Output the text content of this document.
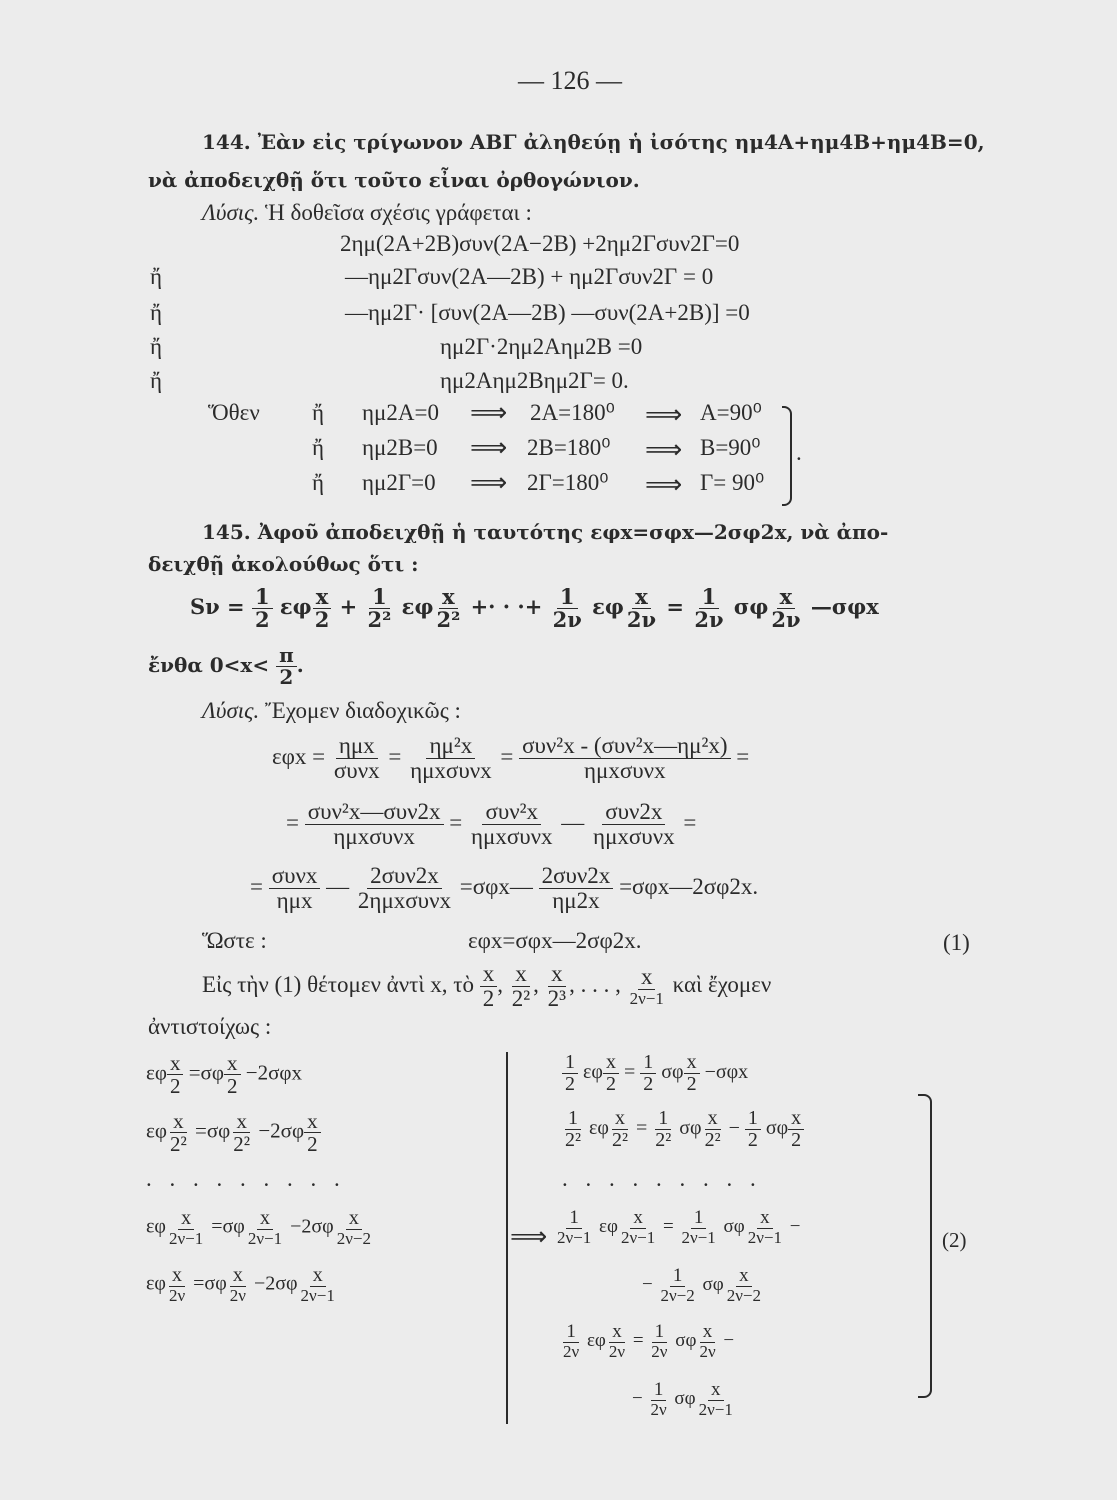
— 126 —
144. Ἐὰν εἰς τρίγωνον ΑΒΓ ἀληθεύῃ ἡ ἰσότης ημ4Α+ημ4Β+ημ4Β=0,
νὰ ἀποδειχθῇ ὅτι τοῦτο εἶναι ὀρθογώνιον.
Λύσις. Ἡ δοθεῖσα σχέσις γράφεται :
2ημ(2Α+2Β)συν(2Α−2Β) +2ημ2Γσυν2Γ=0
ἤ	—ημ2Γσυν(2Α—2Β) + ημ2Γσυν2Γ = 0
ἤ	—ημ2Γ· [συν(2Α—2Β) —συν(2Α+2Β)] =0
ἤ	ημ2Γ·2ημ2Αημ2Β =0
ἤ	ημ2Αημ2Βημ2Γ= 0.
Ὅθεν ἤ ημ2Α=0 ⟹ 2Α=180⁰ ⟹ Α=90⁰
ἤ ημ2Β=0 ⟹ 2Β=180⁰ ⟹ Β=90⁰
ἤ ημ2Γ=0 ⟹ 2Γ=180⁰ ⟹ Γ= 90⁰
.
145. Ἀφοῦ ἀποδειχθῇ ἡ ταυτότης εφx=σφx—2σφ2x, νὰ ἀπο-
δειχθῇ ἀκολούθως ὅτι :
$S\nu = \frac{1}{2}$ εφ $\frac{x}{2} + \frac{1}{\text{2²}}$ εφ $\frac{x}{\text{2²}}$ +· · ·+ $\frac{1}{2\nu}$ εφ $\frac{x}{2\nu} = \frac{1}{2\nu}$ σφ $\frac{x}{2\nu}$ —σφx
ἔνθα $0<x< \frac{\pi}{2}$ .
Λύσις. Ἔχομεν διαδοχικῶς :
εφx = ημx
συνx
= ημ²x
ημxσυνx
= συν²x - (συν²x—ημ²x)
ημxσυνx
=
= συν²x—συν2x
ημxσυνx
= συν²x
ημxσυνx
— συν2x
ημxσυνx
=
= συνx
ημx
— 2συν2x
2ημxσυνx
=σφx— 2συν2x
ημ2x
=σφx—2σφ2x.
Ὥστε :	εφx=σφx—2σφ2x.	(1)
Εἰς τὴν (1) θέτομεν ἀντὶ x, τὸ $\frac{x}{2}$ , $\frac{x}{\text{2²}}$ , $\frac{x}{\text{2³}}$ , . . . , x
2ν−1
καὶ ἔχομεν
ἀντιστοίχως :
εφ $\frac{x}{2} =\sigma\varphi \frac{x}{2} -2\sigma\varphi x$
εφ $\frac{x}{\text{2²}} =\sigma\varphi \frac{x}{\text{2²}} -2\sigma\varphi \frac{x}{2}$
. . . . . . . . .
εφ $\frac{x}{2\nu-1} =\sigma\varphi \frac{x}{2\nu-1} -2\sigma\varphi \frac{x}{2\nu-2}$
εφ $\frac{x}{2\nu} =\sigma\varphi \frac{x}{2\nu} -2\sigma\varphi \frac{x}{2\nu-1}$
⟹
$\frac{1}{2}$ εφ $\frac{x}{2} = \frac{1}{2}$ σφ $\frac{x}{2} -\sigma\varphi x$
$\frac{1}{\text{2²}}$ εφ $\frac{x}{\text{2²}} = \frac{1}{\text{2²}}$ σφ $\frac{x}{\text{2²}} - \frac{1}{2}$ σφ $\frac{x}{2}$
. . . . . . . . .
$\frac{1}{2\nu-1}$ εφ $\frac{x}{2\nu-1} = \frac{1}{2\nu-1}$ σφ $\frac{x}{2\nu-1}$ −
− $\frac{1}{2\nu-2}$ σφ $\frac{x}{2\nu-2}$
$\frac{1}{2\nu}$ εφ $\frac{x}{2\nu} = \frac{1}{2\nu}$ σφ $\frac{x}{2\nu}$ −
− $\frac{1}{2\nu}$ σφ $\frac{x}{2\nu-1}$
(2)
